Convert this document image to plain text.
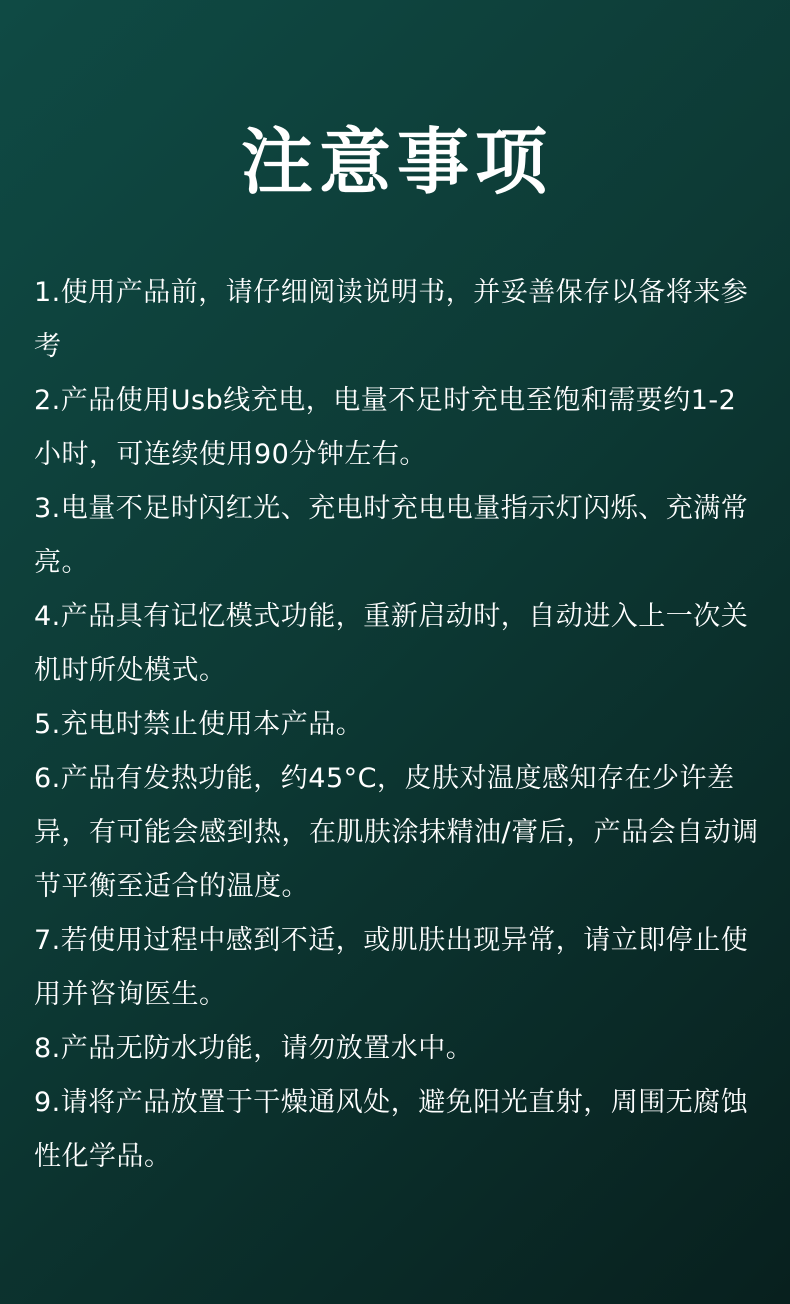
注意事项
1.使用产品前，请仔细阅读说明书，并妥善保存以备将来参考
2.产品使用Usb线充电，电量不足时充电至饱和需要约1-2小时，可连续使用90分钟左右。
3.电量不足时闪红光、充电时充电电量指示灯闪烁、充满常亮。
4.产品具有记忆模式功能，重新启动时，自动进入上一次关机时所处模式。
5.充电时禁止使用本产品。
6.产品有发热功能，约45°C，皮肤对温度感知存在少许差异，有可能会感到热，在肌肤涂抹精油/膏后，产品会自动调节平衡至适合的温度。
7.若使用过程中感到不适，或肌肤出现异常，请立即停止使用并咨询医生。
8.产品无防水功能，请勿放置水中。
9.请将产品放置于干燥通风处，避免阳光直射，周围无腐蚀性化学品。
